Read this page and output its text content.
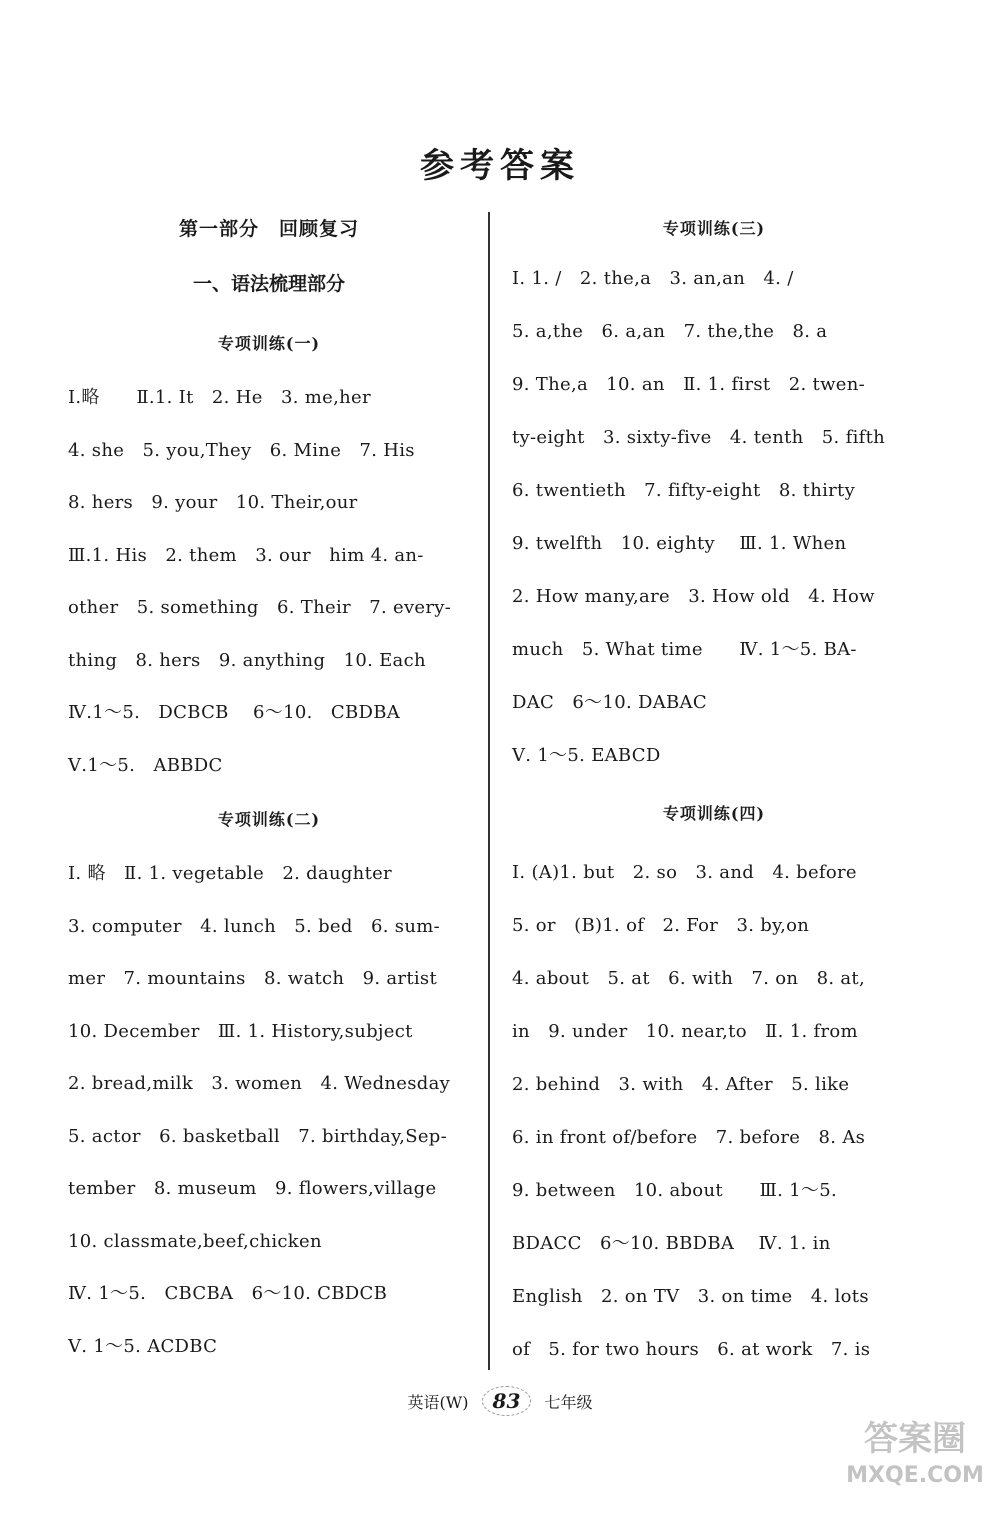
参考答案
第一部分　回顾复习
一、语法梳理部分
专项训练(一)
Ⅰ.略　　Ⅱ.1. It　2. He　3. me,her
4. she　5. you,They　6. Mine　7. His
8. hers　9. your　10. Their,our
Ⅲ.1. His　2. them　3. our　him 4. an-
other　5. something　6. Their　7. every-
thing　8. hers　9. anything　10. Each
Ⅳ.1～5.　DCBCB　 6～10.　CBDBA
Ⅴ.1～5.　ABBDC
专项训练(二)
Ⅰ. 略　Ⅱ. 1. vegetable　2. daughter
3. computer　4. lunch　5. bed　6. sum-
mer　7. mountains　8. watch　9. artist
10. December　Ⅲ. 1. History,subject
2. bread,milk　3. women　4. Wednesday
5. actor　6. basketball　7. birthday,Sep-
tember　8. museum　9. flowers,village
10. classmate,beef,chicken
Ⅳ. 1～5.　CBCBA　6～10. CBDCB
Ⅴ. 1～5. ACDBC
专项训练(三)
Ⅰ. 1. /　2. the,a　3. an,an　4. /
5. a,the　6. a,an　7. the,the　8. a
9. The,a　10. an　Ⅱ. 1. first　2. twen-
ty-eight　3. sixty-five　4. tenth　5. fifth
6. twentieth　7. fifty-eight　8. thirty
9. twelfth　10. eighty　 Ⅲ. 1. When
2. How many,are　3. How old　4. How
much　5. What time　　Ⅳ. 1～5. BA-
DAC　6～10. DABAC
Ⅴ. 1～5. EABCD
专项训练(四)
Ⅰ. (A)1. but　2. so　3. and　4. before
5. or　(B)1. of　2. For　3. by,on
4. about　5. at　6. with　7. on　8. at,
in　9. under　10. near,to　Ⅱ. 1. from
2. behind　3. with　4. After　5. like
6. in front of/before　7. before　8. As
9. between　10. about　　Ⅲ. 1～5.
BDACC　6～10. BBDBA　 Ⅳ. 1. in
English　2. on TV　3. on time　4. lots
of　5. for two hours　6. at work　7. is
英语(W) 83 七年级
答案圈
MXQE.COM
